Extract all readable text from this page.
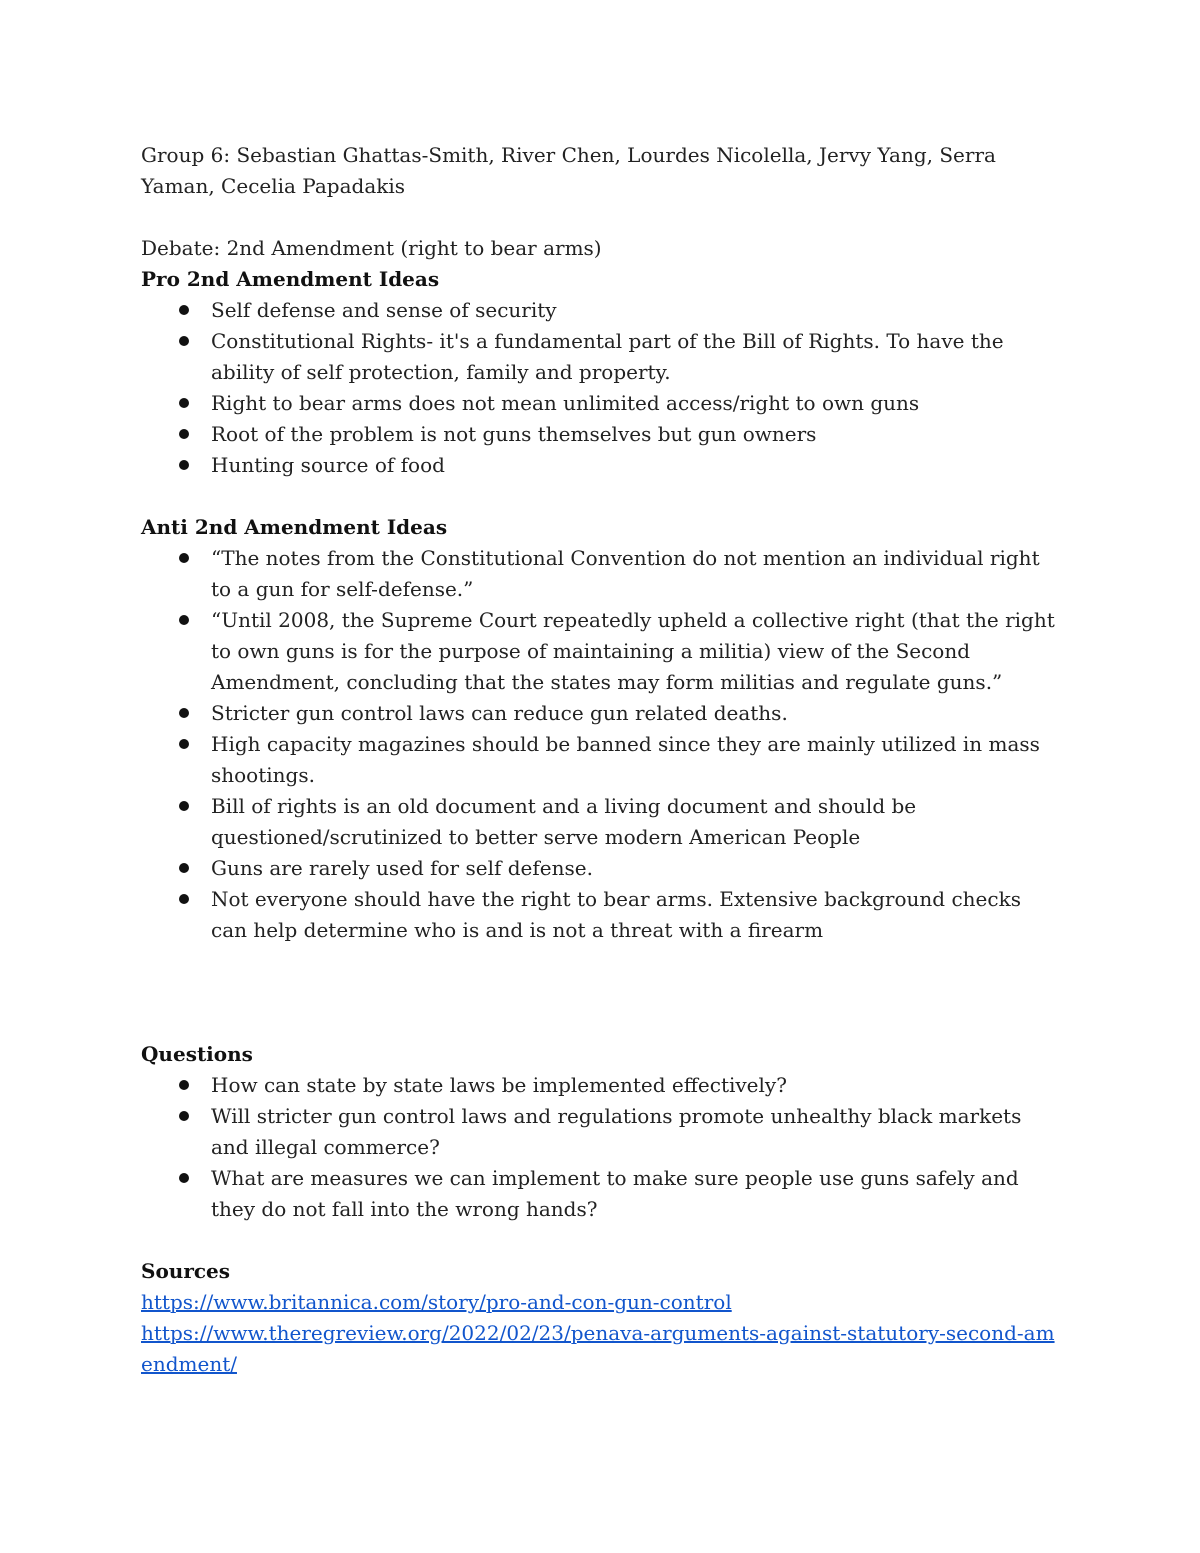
Group 6: Sebastian Ghattas-Smith, River Chen, Lourdes Nicolella, Jervy Yang, Serra Yaman, Cecelia Papadakis

Debate: 2nd Amendment (right to bear arms)

Pro 2nd Amendment Ideas

Self defense and sense of security
Constitutional Rights- it's a fundamental part of the Bill of Rights. To have the ability of self protection, family and property.
Right to bear arms does not mean unlimited access/right to own guns
Root of the problem is not guns themselves but gun owners
Hunting source of food

Anti 2nd Amendment Ideas

“The notes from the Constitutional Convention do not mention an individual right to a gun for self-defense.”
“Until 2008, the Supreme Court repeatedly upheld a collective right (that the right to own guns is for the purpose of maintaining a militia) view of the Second Amendment, concluding that the states may form militias and regulate guns.”
Stricter gun control laws can reduce gun related deaths.
High capacity magazines should be banned since they are mainly utilized in mass shootings.
Bill of rights is an old document and a living document and should be questioned/scrutinized to better serve modern American People
Guns are rarely used for self defense.
Not everyone should have the right to bear arms. Extensive background checks can help determine who is and is not a threat with a firearm

Questions

How can state by state laws be implemented effectively?
Will stricter gun control laws and regulations promote unhealthy black markets and illegal commerce?
What are measures we can implement to make sure people use guns safely and they do not fall into the wrong hands?

Sources

https://www.britannica.com/story/pro-and-con-gun-control
https://www.theregreview.org/2022/02/23/penava-arguments-against-statutory-second-amendment/
